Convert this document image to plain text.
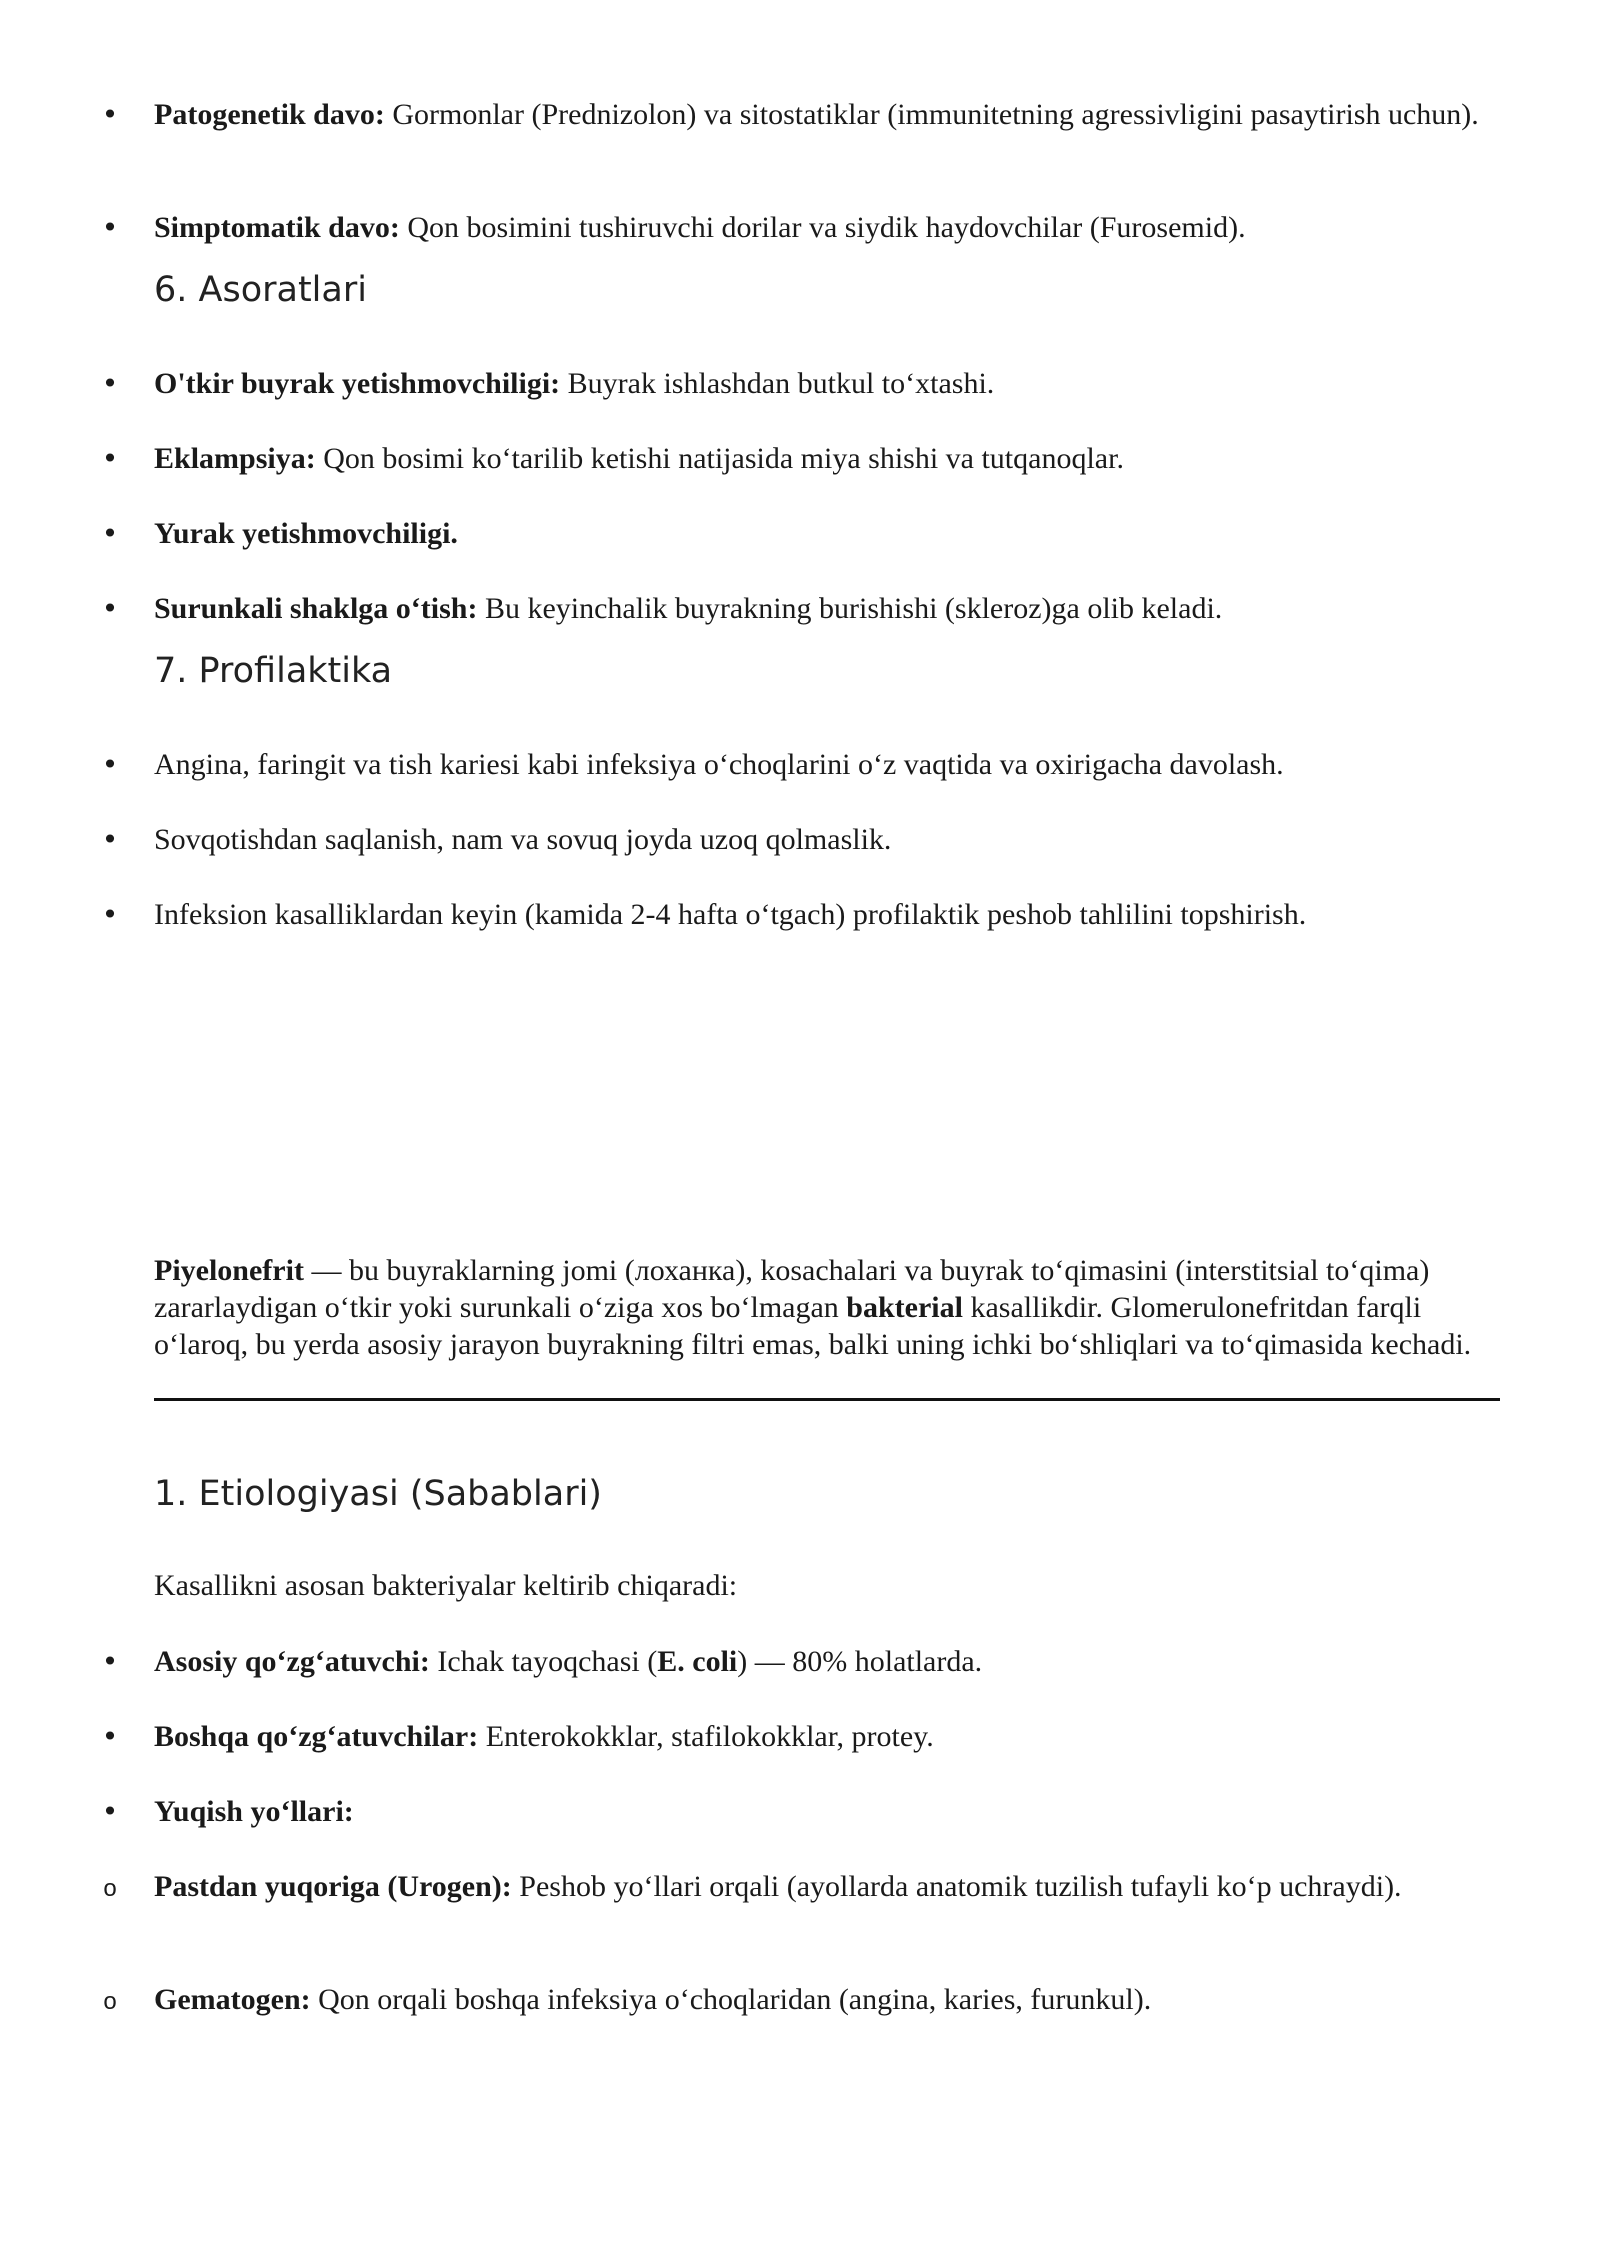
•
Patogenetik davo: Gormonlar (Prednizolon) va sitostatiklar (immunitetning agressivligini pasaytirish uchun).
•
Simptomatik davo: Qon bosimini tushiruvchi dorilar va siydik haydovchilar (Furosemid).
6. Asoratlari
•
O'tkir buyrak yetishmovchiligi: Buyrak ishlashdan butkul to‘xtashi.
•
Eklampsiya: Qon bosimi ko‘tarilib ketishi natijasida miya shishi va tutqanoqlar.
•
Yurak yetishmovchiligi.
•
Surunkali shaklga o‘tish: Bu keyinchalik buyrakning burishishi (skleroz)ga olib keladi.
7. Profilaktika
•
Angina, faringit va tish kariesi kabi infeksiya o‘choqlarini o‘z vaqtida va oxirigacha davolash.
•
Sovqotishdan saqlanish, nam va sovuq joyda uzoq qolmaslik.
•
Infeksion kasalliklardan keyin (kamida 2-4 hafta o‘tgach) profilaktik peshob tahlilini topshirish.
Piyelonefrit — bu buyraklarning jomi (лоханка), kosachalari va buyrak to‘qimasini (interstitsial to‘qima) zararlaydigan o‘tkir yoki surunkali o‘ziga xos bo‘lmagan bakterial kasallikdir. Glomerulonefritdan farqli o‘laroq, bu yerda asosiy jarayon buyrakning filtri emas, balki uning ichki bo‘shliqlari va to‘qimasida kechadi.
1. Etiologiyasi (Sabablari)
Kasallikni asosan bakteriyalar keltirib chiqaradi:
•
Asosiy qo‘zg‘atuvchi: Ichak tayoqchasi (E. coli) — 80% holatlarda.
•
Boshqa qo‘zg‘atuvchilar: Enterokokklar, stafilokokklar, protey.
•
Yuqish yo‘llari:
o
Pastdan yuqoriga (Urogen): Peshob yo‘llari orqali (ayollarda anatomik tuzilish tufayli ko‘p uchraydi).
o
Gematogen: Qon orqali boshqa infeksiya o‘choqlaridan (angina, karies, furunkul).
